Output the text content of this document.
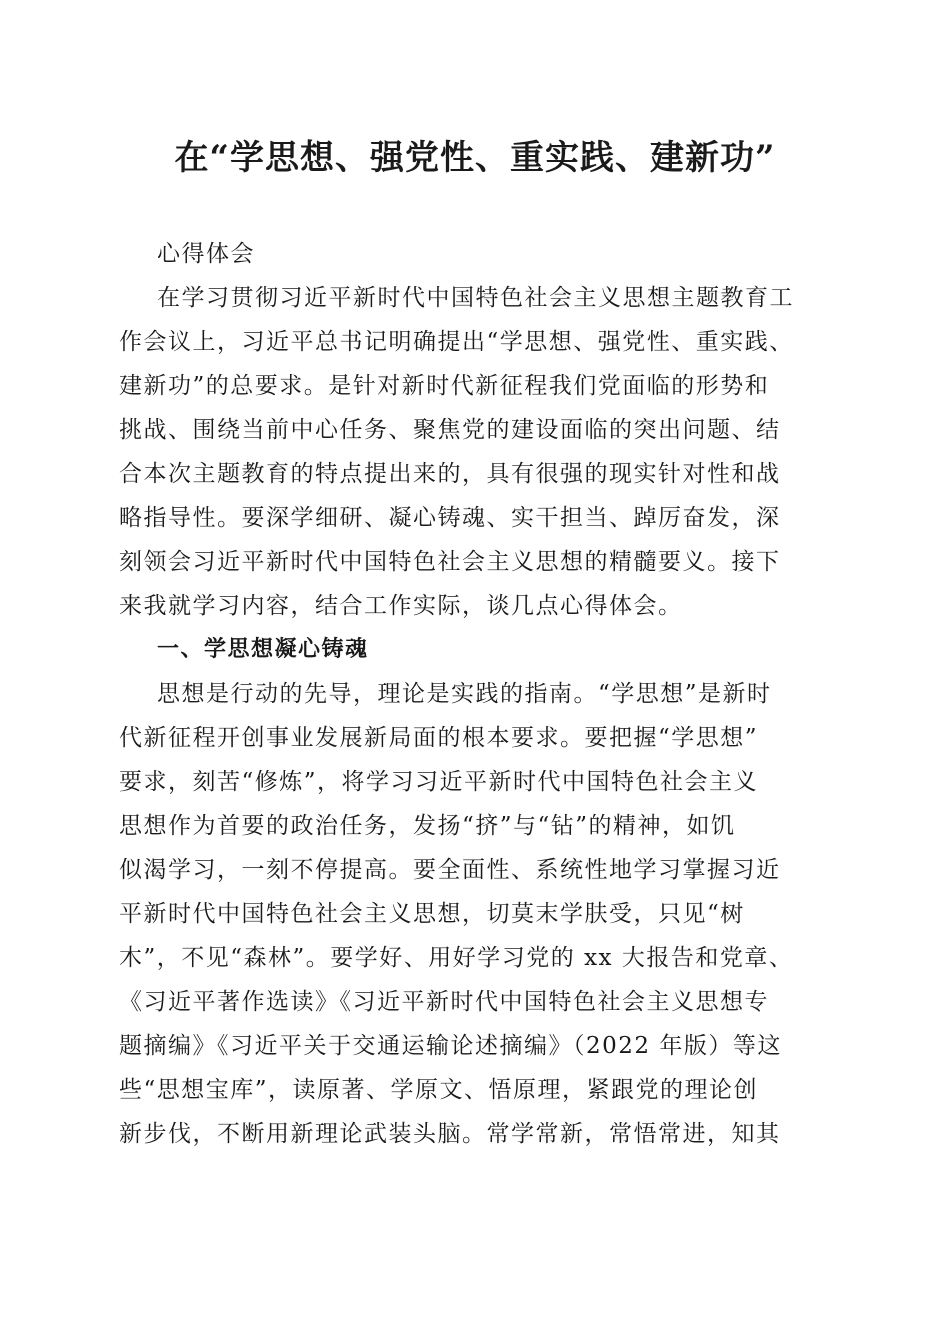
在“学思想、强党性、重实践、建新功”
心得体会
在学习贯彻习近平新时代中国特色社会主义思想主题教育工
作会议上，习近平总书记明确提出“学思想、强党性、重实践、
建新功”的总要求。是针对新时代新征程我们党面临的形势和
挑战、围绕当前中心任务、聚焦党的建设面临的突出问题、结
合本次主题教育的特点提出来的，具有很强的现实针对性和战
略指导性。要深学细研、凝心铸魂、实干担当、踔厉奋发，深
刻领会习近平新时代中国特色社会主义思想的精髓要义。接下
来我就学习内容，结合工作实际，谈几点心得体会。
一、学思想凝心铸魂
思想是行动的先导，理论是实践的指南。“学思想”是新时
代新征程开创事业发展新局面的根本要求。要把握“学思想”
要求，刻苦“修炼”，将学习习近平新时代中国特色社会主义
思想作为首要的政治任务，发扬“挤”与“钻”的精神，如饥
似渴学习，一刻不停提高。要全面性、系统性地学习掌握习近
平新时代中国特色社会主义思想，切莫末学肤受，只见“树
木”，不见“森林”。要学好、用好学习党的 xx 大报告和党章、
《习近平著作选读》《习近平新时代中国特色社会主义思想专
题摘编》《习近平关于交通运输论述摘编》（2022 年版）等这
些“思想宝库”，读原著、学原文、悟原理，紧跟党的理论创
新步伐，不断用新理论武装头脑。常学常新，常悟常进，知其
